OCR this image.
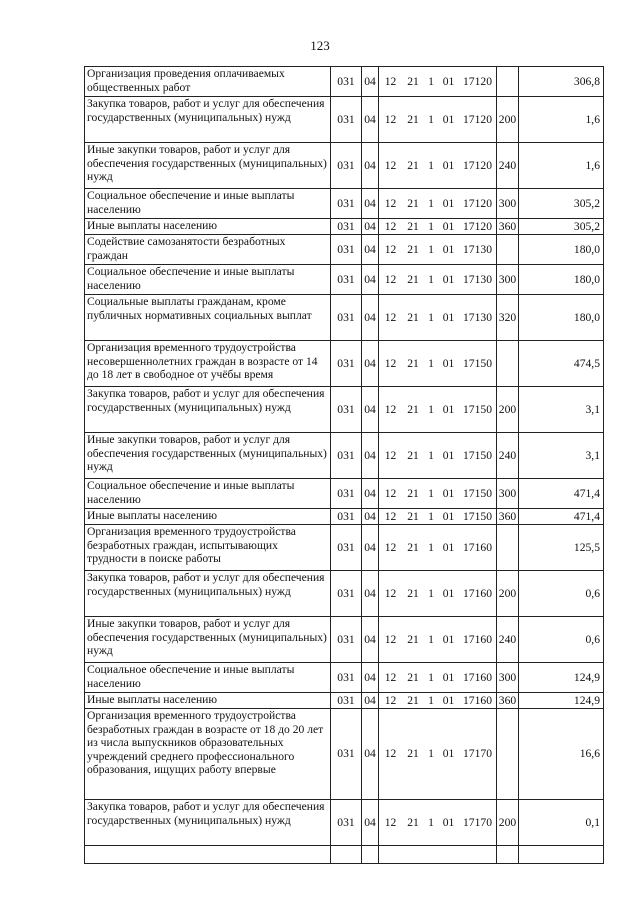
123
Организация проведения оплачиваемых общественных работ	031	04	12	21	1	01	17120		306,8
Закупка товаров, работ и услуг для обеспечения государственных (муниципальных) нужд	031	04	12	21	1	01	17120	200	1,6
Иные закупки товаров, работ и услуг для обеспечения государственных (муниципальных) нужд	031	04	12	21	1	01	17120	240	1,6
Социальное обеспечение и иные выплаты населению	031	04	12	21	1	01	17120	300	305,2
Иные выплаты населению	031	04	12	21	1	01	17120	360	305,2
Содействие самозанятости безработных граждан	031	04	12	21	1	01	17130		180,0
Социальное обеспечение и иные выплаты населению	031	04	12	21	1	01	17130	300	180,0
Социальные выплаты гражданам, кроме публичных нормативных социальных выплат	031	04	12	21	1	01	17130	320	180,0
Организация временного трудоустройства несовершеннолетних граждан в возрасте от 14 до 18 лет в свободное от учёбы время	031	04	12	21	1	01	17150		474,5
Закупка товаров, работ и услуг для обеспечения государственных (муниципальных) нужд	031	04	12	21	1	01	17150	200	3,1
Иные закупки товаров, работ и услуг для обеспечения государственных (муниципальных) нужд	031	04	12	21	1	01	17150	240	3,1
Социальное обеспечение и иные выплаты населению	031	04	12	21	1	01	17150	300	471,4
Иные выплаты населению	031	04	12	21	1	01	17150	360	471,4
Организация временного трудоустройства безработных граждан, испытывающих трудности в поиске работы	031	04	12	21	1	01	17160		125,5
Закупка товаров, работ и услуг для обеспечения государственных (муниципальных) нужд	031	04	12	21	1	01	17160	200	0,6
Иные закупки товаров, работ и услуг для обеспечения государственных (муниципальных) нужд	031	04	12	21	1	01	17160	240	0,6
Социальное обеспечение и иные выплаты населению	031	04	12	21	1	01	17160	300	124,9
Иные выплаты населению	031	04	12	21	1	01	17160	360	124,9
Организация временного трудоустройства безработных граждан в возрасте от 18 до 20 лет из числа выпускников образовательных учреждений среднего профессионального образования, ищущих работу впервые	031	04	12	21	1	01	17170		16,6
Закупка товаров, работ и услуг для обеспечения государственных (муниципальных) нужд	031	04	12	21	1	01	17170	200	0,1
